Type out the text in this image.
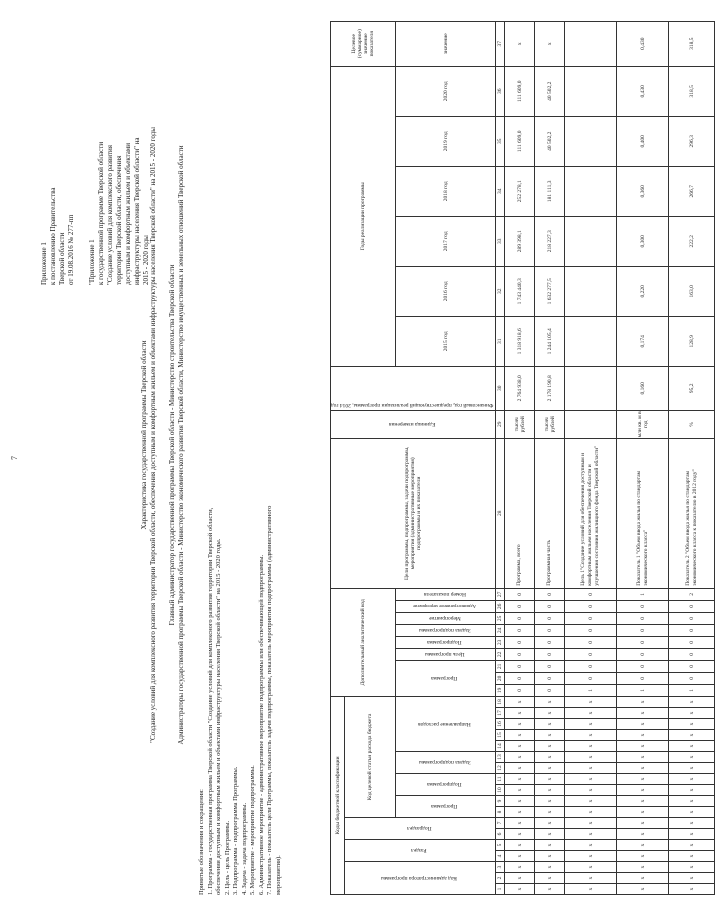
7
Приложение 1 к постановлению Правительства Тверской области от 19.08.2016 № 277-пп "Приложение 1 к государственной программе Тверской области "Создание условий для комплексного развития территории Тверской области, обеспечения доступным и комфортным жильем и объектами инфраструктуры населения Тверской области" на 2015 - 2020 годы
Характеристика государственной программы Тверской области "Создание условий для комплексного развития территории Тверской области, обеспечения доступным и комфортным жильем и объектами инфраструктуры населения Тверской области" на 2015 - 2020 годы Главный администратор государственной программы Тверской области - Министерство строительства Тверской области Администраторы государственной программы Тверской области - Министерство экономического развития Тверской области, Министерство имущественных и земельных отношений Тверской области
Принятые обозначения и сокращения: 1. Программа - государственная программа Тверской области "Создание условий для комплексного развития территории Тверской области, обеспечения доступным и комфортным жильем и объектами инфраструктуры населения Тверской области" на 2015 - 2020 годы. 2. Цель - цель Программы. 3. Подпрограмма - подпрограмма Программы. 4. Задача - задача подпрограммы. 5. Мероприятие - мероприятие подпрограммы. 6. Административное мероприятие - административное мероприятие подпрограммы или обеспечивающей подпрограммы. 7. Показатель - показатель цели Программы, показатель задачи подпрограммы, показатель мероприятия подпрограммы (административного мероприятия).
Коды бюджетной классификации																		Дополнительный аналитический код									Цели программы, подпрограммы, задачи подпрограммы, мероприятия (административные мероприятия) подпрограммы и их показатели	Единица измерения	Финансовый год, предшествующий реализации программы, 2014 год	Годы реализации программы						Целевое (суммарное) значение показателя
Код администратора программы			Раздел		Подраздел		Код целевой статьи расхода бюджета																													
							Программа		Подпрограмма		Задача подпрограммы		Направление расходов					Программа			Цель программы	Подпрограмма	Задача подпрограммы	Мероприятие	Административное мероприятие	Номер показателя				2015 год	2016 год	2017 год	2018 год	2019 год	2020 год	значение

1	2	3	4	5	6	7	8	9	10	11	12	13	14	15	16	17	18	19	20	21	22	23	24	25	26	27	28	29	30	31	32	33	34	35	36	37
x	x	x	x	x	x	x	x	x	x	x	x	x	x	x	x	x	x	0	0	0	0	0	0	0	0	0	Программа, всего	тысяч рублей	2 764 938,0	1 318 918,6	1 743 440,3	289 398,1	252 278,1	111 609,0	111 609,0	x
x	x	x	x	x	x	x	x	x	x	x	x	x	x	x	x	x	x	0	0	0	0	0	0	0	0	0	Программная часть	тысяч рублей	2 178 190,8	1 244 105,4	1 632 277,5	218 227,3	181 111,3	40 502,2	40 502,2	x
x	x	x	x	x	x	x	x	x	x	x	x	x	x	x	x	x	x	1	0	0	0	0	0	0	0	0	Цель 1"Создание условий для обеспечения доступным и комфортным жильем населения Тверской области и улучшения состояния жилищного фонда Тверской области"									
x	x	x	x	x	x	x	x	x	x	x	x	x	x	x	x	x	x	1	0	0	0	0	0	0	0	1	Показатель 1 "Объем ввода жилья по стандартам экономического класса"	млн кв. м в год	0,160	0,174	0,220	0,300	0,360	0,400	0,430	0,430
x	x	x	x	x	x	x	x	x	x	x	x	x	x	x	x	x	x	1	0	0	0	0	0	0	0	2	Показатель 2 "Объем ввода жилья по стандартам экономического класса к показателю в 2012 году"	%	95,2	128,9	163,0	222,2	266,7	296,3	318,5	318,5
